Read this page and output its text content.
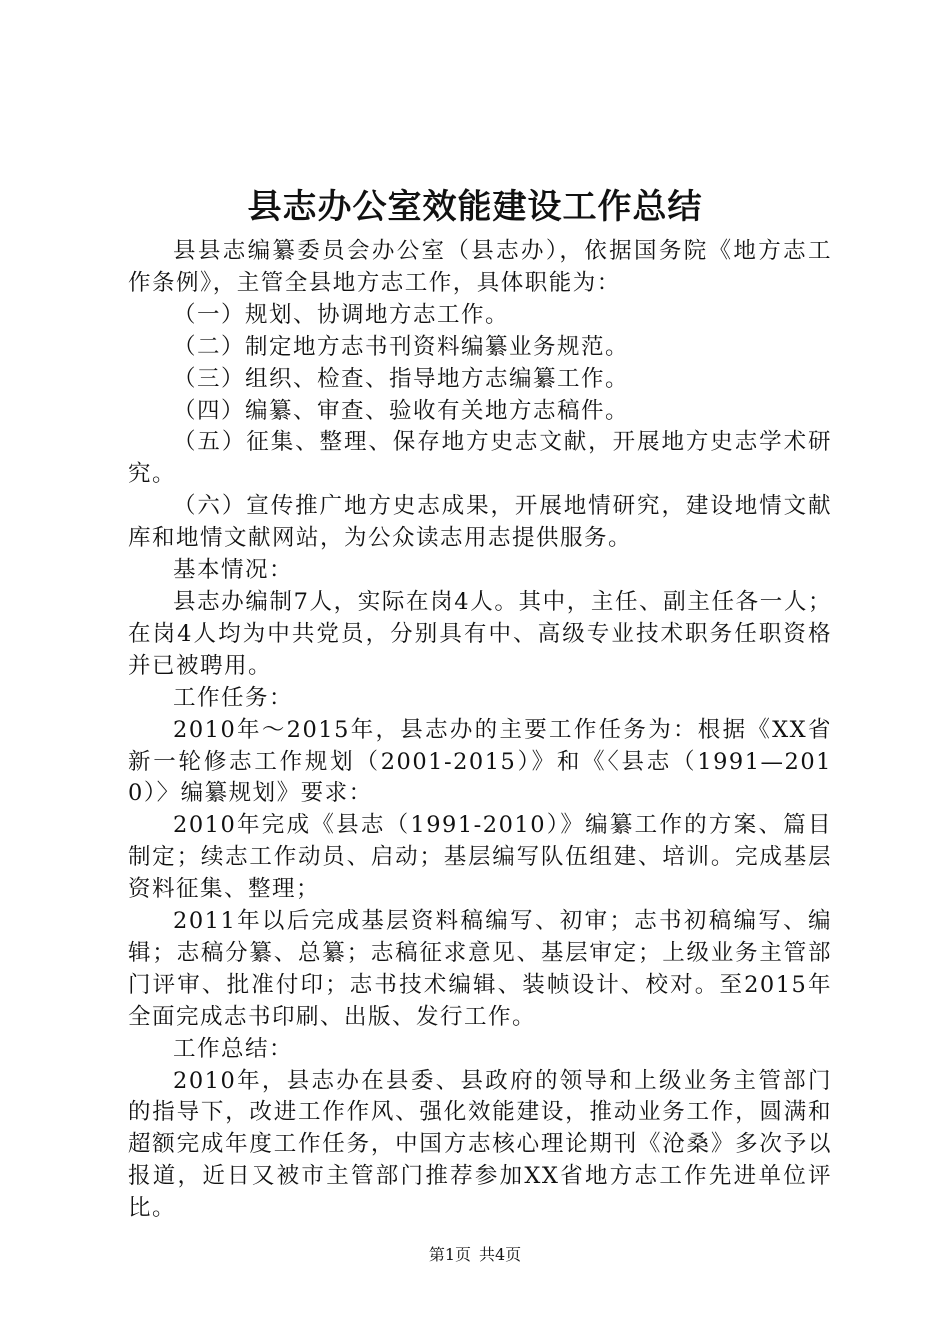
县志办公室效能建设工作总结

县县志编纂委员会办公室（县志办），依据国务院《地方志工作条例》，主管全县地方志工作，具体职能为：

（一）规划、协调地方志工作。

（二）制定地方志书刊资料编纂业务规范。

（三）组织、检查、指导地方志编纂工作。

（四）编纂、审查、验收有关地方志稿件。

（五）征集、整理、保存地方史志文献，开展地方史志学术研究。

（六）宣传推广地方史志成果，开展地情研究，建设地情文献库和地情文献网站，为公众读志用志提供服务。

基本情况：

县志办编制7人，实际在岗4人。其中，主任、副主任各一人；在岗4人均为中共党员，分别具有中、高级专业技术职务任职资格并已被聘用。

工作任务：

2010年～2015年，县志办的主要工作任务为：根据《XX省新一轮修志工作规划（2001-2015）》和《〈县志（1991—2010）〉编纂规划》要求：

2010年完成《县志（1991-2010）》编纂工作的方案、篇目制定；续志工作动员、启动；基层编写队伍组建、培训。完成基层资料征集、整理；

2011年以后完成基层资料稿编写、初审；志书初稿编写、编辑；志稿分纂、总纂；志稿征求意见、基层审定；上级业务主管部门评审、批准付印；志书技术编辑、装帧设计、校对。至2015年全面完成志书印刷、出版、发行工作。

工作总结：

2010年，县志办在县委、县政府的领导和上级业务主管部门的指导下，改进工作作风、强化效能建设，推动业务工作，圆满和超额完成年度工作任务，中国方志核心理论期刊《沧桑》多次予以报道，近日又被市主管部门推荐参加XX省地方志工作先进单位评比。

第1页 共4页
